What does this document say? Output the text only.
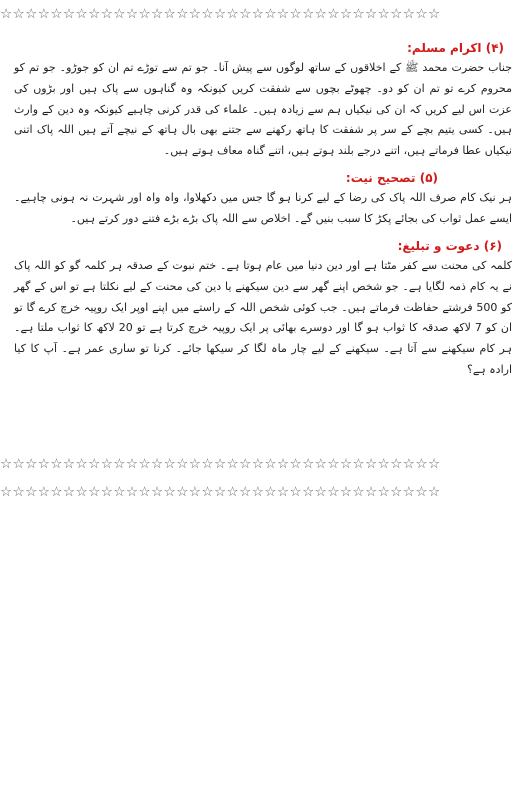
☆☆☆☆☆☆☆☆☆☆☆☆☆☆☆☆☆☆☆☆☆☆☆☆☆☆☆☆☆☆☆☆☆☆☆
(۴) اکرام مسلم:

جناب حضرت محمد ﷺ کے اخلاقوں کے ساتھ لوگوں سے پیش آنا۔ جو تم سے توڑے تم ان کو جوڑو۔ جو تم کو محروم کرے تو تم ان کو دو۔ چھوٹے بچوں سے شفقت کریں کیونکہ وہ گناہوں سے پاک ہیں اور بڑوں کی عزت اس لیے کریں کہ ان کی نیکیاں ہم سے زیادہ ہیں۔ علماء کی قدر کرنی چاہیے کیونکہ وہ دین کے وارث ہیں۔ کسی یتیم بچے کے سر پر شفقت کا ہاتھ رکھنے سے جتنے بھی بال ہاتھ کے نیچے آتے ہیں اللہ پاک اتنی نیکیاں عطا فرماتے ہیں، اتنے درجے بلند ہوتے ہیں، اتنے گناہ معاف ہوتے ہیں۔

(۵) تصحیح نیت:

ہر نیک کام صرف اللہ پاک کی رضا کے لیے کرنا ہو گا جس میں دکھلاوا، واہ واہ اور شہرت نہ ہونی چاہیے۔ ایسے عمل ثواب کی بجائے پکڑ کا سبب بنیں گے۔ اخلاص سے اللہ پاک بڑے بڑے فتنے دور کرتے ہیں۔

(۶) دعوت و تبلیغ:

کلمہ کی محنت سے کفر مٹتا ہے اور دین دنیا میں عام ہوتا ہے۔ ختم نبوت کے صدقہ ہر کلمہ گو کو اللہ پاک نے یہ کام ذمہ لگایا ہے۔ جو شخص اپنے گھر سے دین سیکھنے یا دین کی محنت کے لیے نکلتا ہے تو اس کے گھر کو 500 فرشتے حفاظت فرماتے ہیں۔ جب کوئی شخص اللہ کے راستے میں اپنے اوپر ایک روپیہ خرچ کرے گا تو ان کو 7 لاکھ صدقہ کا ثواب ہو گا اور دوسرے بھائی پر ایک روپیہ خرچ کرتا ہے تو 20 لاکھ کا ثواب ملتا ہے۔ ہر کام سیکھنے سے آتا ہے۔ سیکھنے کے لیے چار ماہ لگا کر سیکھا جائے۔ کرنا تو ساری عمر ہے۔ آپ کا کیا ارادہ ہے؟

☆☆☆☆☆☆☆☆☆☆☆☆☆☆☆☆☆☆☆☆☆☆☆☆☆☆☆☆☆☆☆☆☆☆☆
☆☆☆☆☆☆☆☆☆☆☆☆☆☆☆☆☆☆☆☆☆☆☆☆☆☆☆☆☆☆☆☆☆☆☆
